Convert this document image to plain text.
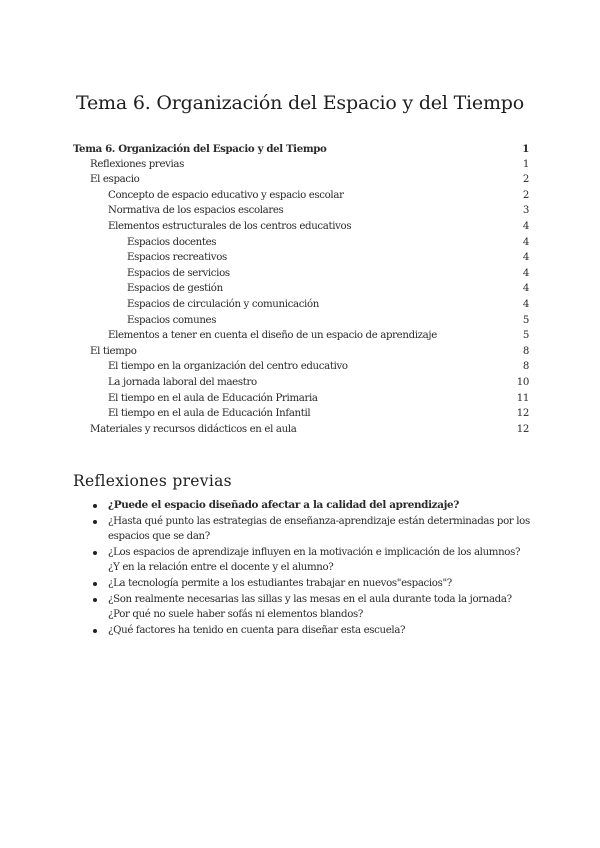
Tema 6. Organización del Espacio y del Tiempo
Tema 6. Organización del Espacio y del Tiempo	1
Reflexiones previas	1
El espacio	2
Concepto de espacio educativo y espacio escolar	2
Normativa de los espacios escolares	3
Elementos estructurales de los centros educativos	4
Espacios docentes	4
Espacios recreativos	4
Espacios de servicios	4
Espacios de gestión	4
Espacios de circulación y comunicación	4
Espacios comunes	5
Elementos a tener en cuenta el diseño de un espacio de aprendizaje	5
El tiempo	8
El tiempo en la organización del centro educativo	8
La jornada laboral del maestro	10
El tiempo en el aula de Educación Primaria	11
El tiempo en el aula de Educación Infantil	12
Materiales y recursos didácticos en el aula	12
Reflexiones previas
¿Puede el espacio diseñado afectar a la calidad del aprendizaje?
¿Hasta qué punto las estrategias de enseñanza-aprendizaje están determinadas por los espacios que se dan?
¿Los espacios de aprendizaje influyen en la motivación e implicación de los alumnos? ¿Y en la relación entre el docente y el alumno?
¿La tecnología permite a los estudiantes trabajar en nuevos"espacios"?
¿Son realmente necesarias las sillas y las mesas en el aula durante toda la jornada? ¿Por qué no suele haber sofás ni elementos blandos?
¿Qué factores ha tenido en cuenta para diseñar esta escuela?
